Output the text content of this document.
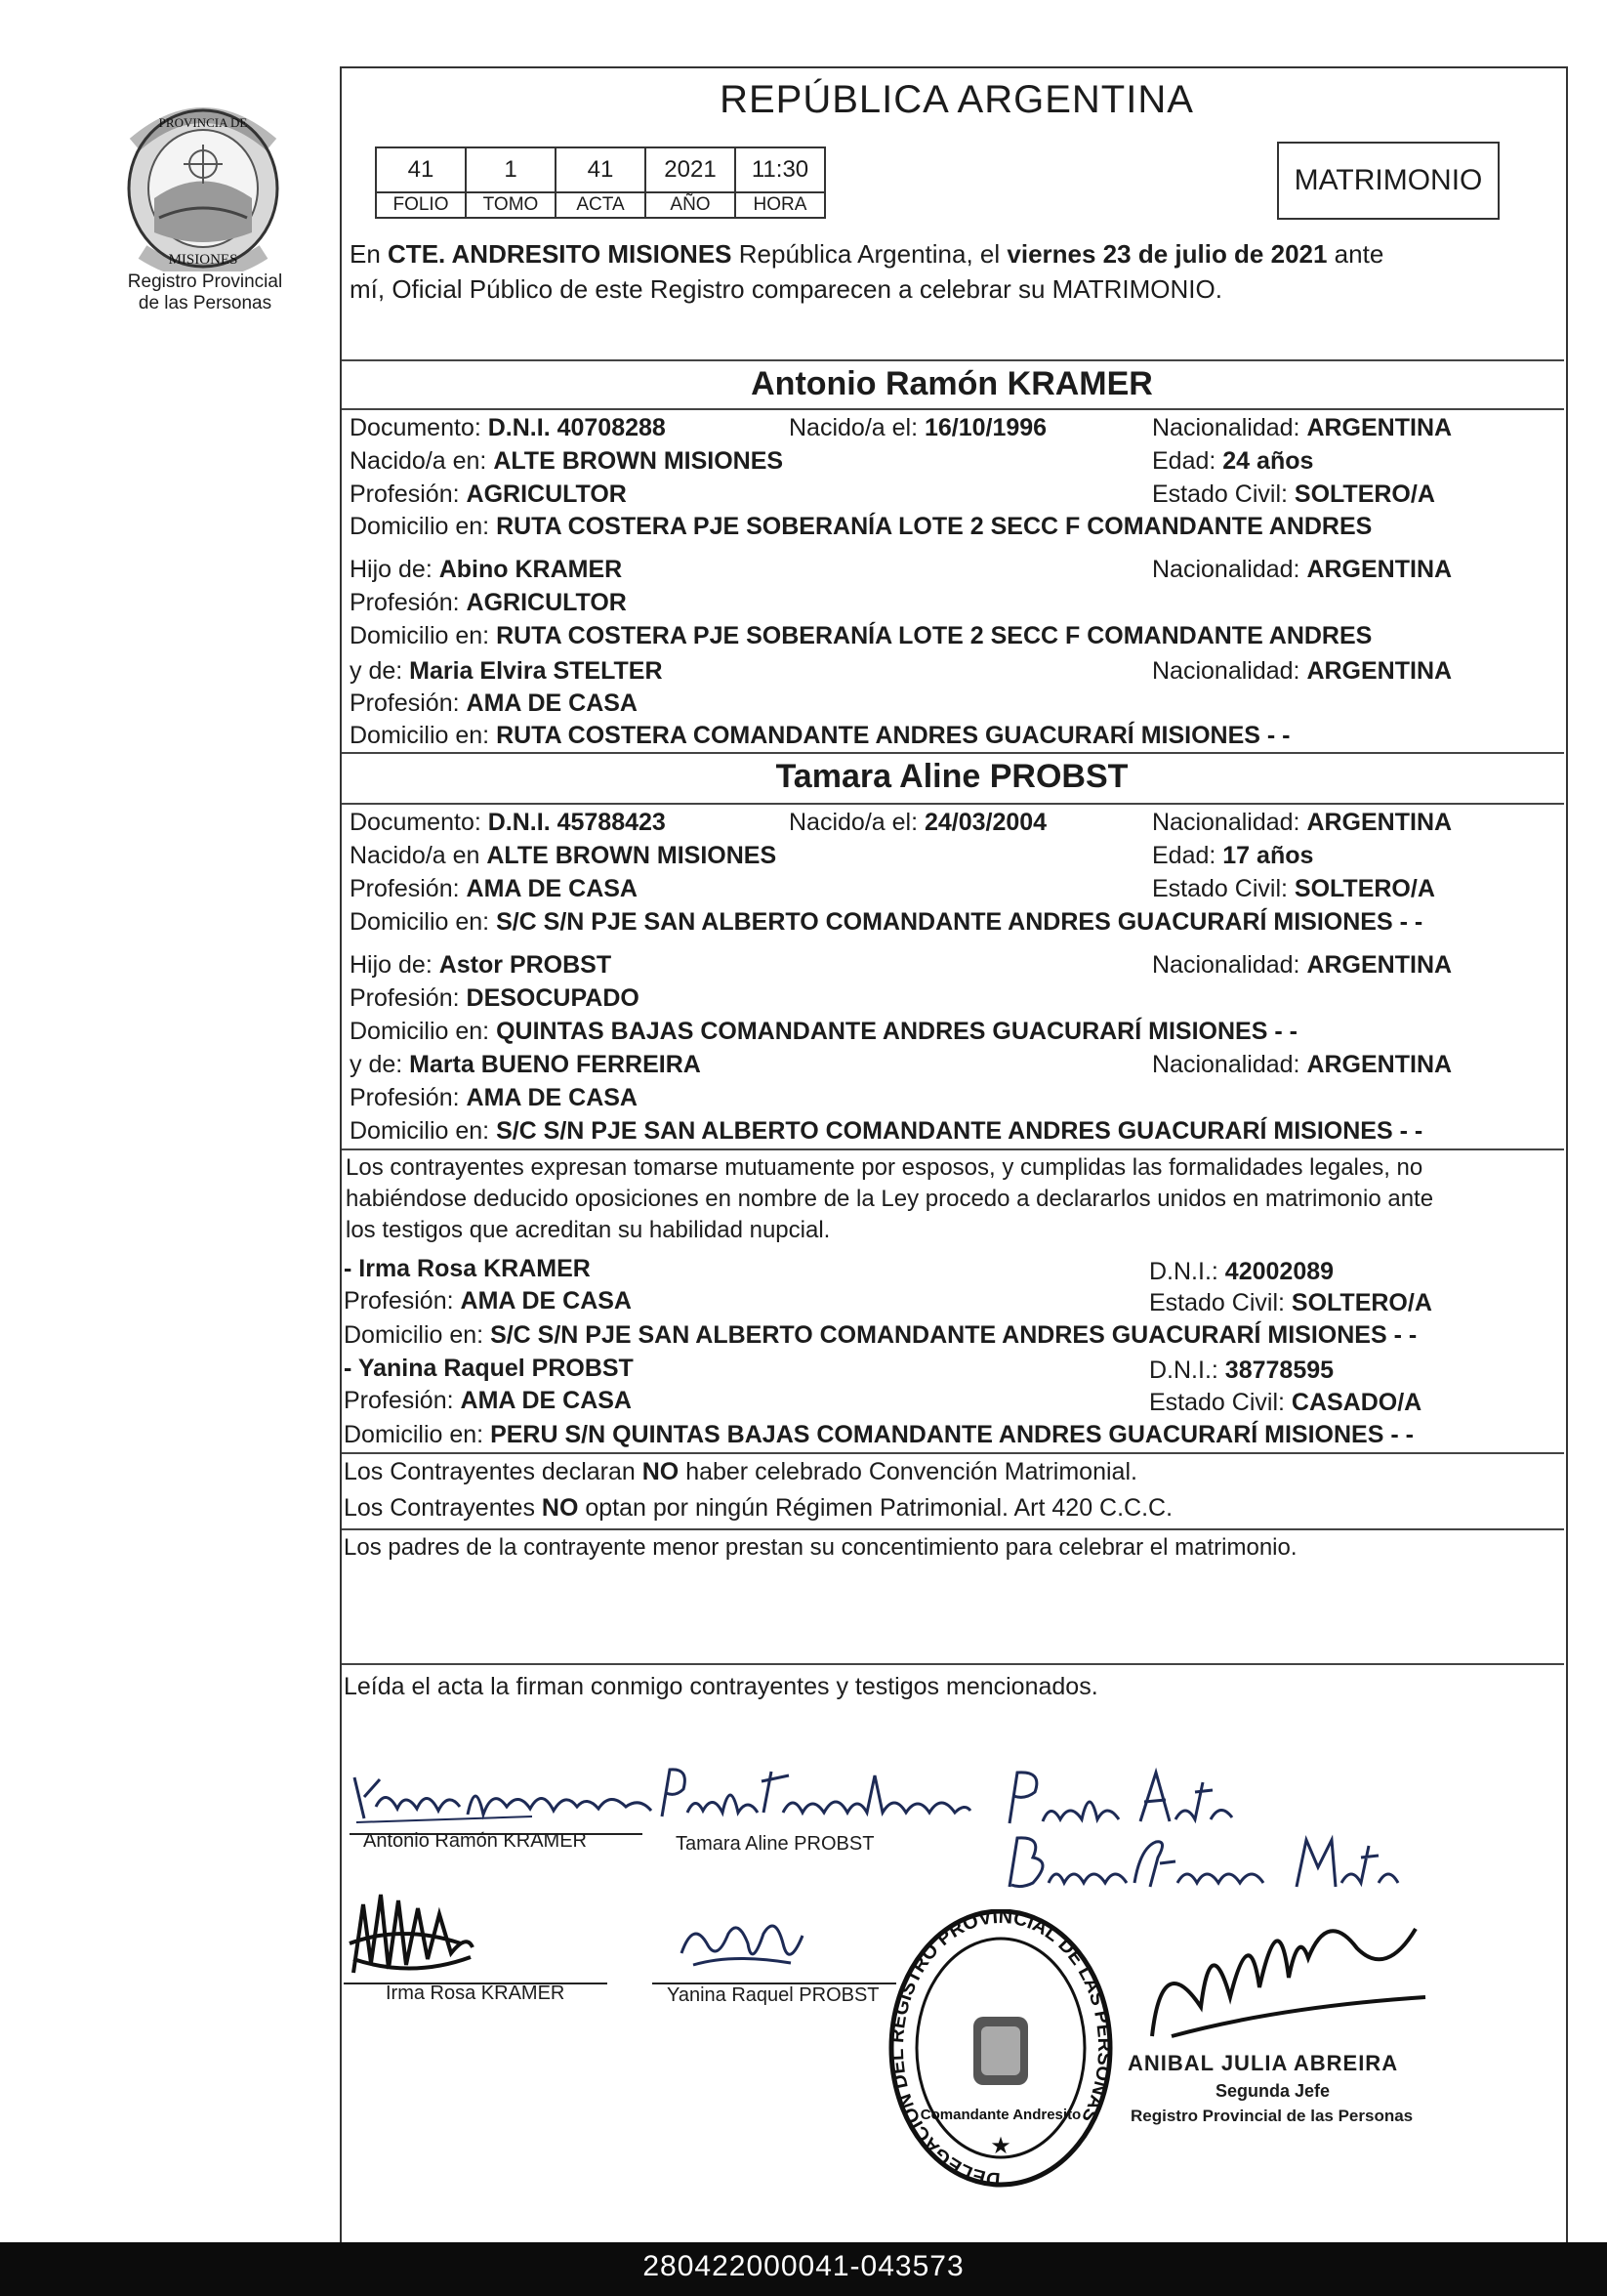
PROVINCIA DE
MISIONES
Registro Provincial
de las Personas
REPÚBLICA ARGENTINA
41	1	41	2021	11:30
FOLIO	TOMO	ACTA	AÑO	HORA
MATRIMONIO
En CTE. ANDRESITO MISIONES República Argentina, el viernes 23 de julio de 2021 ante
mí, Oficial Público de este Registro comparecen a celebrar su MATRIMONIO.
Antonio Ramón KRAMER
Documento: D.N.I. 40708288	Nacido/a el: 16/10/1996	Nacionalidad: ARGENTINA
Nacido/a en: ALTE BROWN MISIONES	Edad: 24 años
Profesión: AGRICULTOR	Estado Civil: SOLTERO/A
Domicilio en: RUTA COSTERA PJE SOBERANÍA LOTE 2 SECC F COMANDANTE ANDRES
Hijo de: Abino KRAMER	Nacionalidad: ARGENTINA
Profesión: AGRICULTOR
Domicilio en: RUTA COSTERA PJE SOBERANÍA LOTE 2 SECC F COMANDANTE ANDRES
y de: Maria Elvira STELTER	Nacionalidad: ARGENTINA
Profesión: AMA DE CASA
Domicilio en: RUTA COSTERA COMANDANTE ANDRES GUACURARÍ MISIONES - -
Tamara Aline PROBST
Documento: D.N.I. 45788423	Nacido/a el: 24/03/2004	Nacionalidad: ARGENTINA
Nacido/a en ALTE BROWN MISIONES	Edad: 17 años
Profesión: AMA DE CASA	Estado Civil: SOLTERO/A
Domicilio en: S/C S/N PJE SAN ALBERTO COMANDANTE ANDRES GUACURARÍ MISIONES - -
Hijo de: Astor PROBST	Nacionalidad: ARGENTINA
Profesión: DESOCUPADO
Domicilio en: QUINTAS BAJAS COMANDANTE ANDRES GUACURARÍ MISIONES - -
y de: Marta BUENO FERREIRA	Nacionalidad: ARGENTINA
Profesión: AMA DE CASA
Domicilio en: S/C S/N PJE SAN ALBERTO COMANDANTE ANDRES GUACURARÍ MISIONES - -
Los contrayentes expresan tomarse mutuamente por esposos, y cumplidas las formalidades legales, no
habiéndose deducido oposiciones en nombre de la Ley procedo a declararlos unidos en matrimonio ante
los testigos que acreditan su habilidad nupcial.
- Irma Rosa KRAMER	D.N.I.: 42002089
Profesión: AMA DE CASA	Estado Civil: SOLTERO/A
Domicilio en: S/C S/N PJE SAN ALBERTO COMANDANTE ANDRES GUACURARÍ MISIONES - -
- Yanina Raquel PROBST	D.N.I.: 38778595
Profesión: AMA DE CASA	Estado Civil: CASADO/A
Domicilio en: PERU S/N QUINTAS BAJAS COMANDANTE ANDRES GUACURARÍ MISIONES - -
Los Contrayentes declaran NO haber celebrado Convención Matrimonial.
Los Contrayentes NO optan por ningún Régimen Patrimonial. Art 420 C.C.C.
Los padres de la contrayente menor prestan su concentimiento para celebrar el matrimonio.
Leída el acta la firman conmigo contrayentes y testigos mencionados.
Antonio Ramón KRAMER	Tamara Aline PROBST
Irma Rosa KRAMER	Yanina Raquel PROBST
DELEGACION DEL REGISTRO PROVINCIAL DE LAS PERSONAS
Comandante Andresito
★
ANIBAL JULIA ABREIRA
Segunda Jefe
Registro Provincial de las Personas
280422000041-043573
